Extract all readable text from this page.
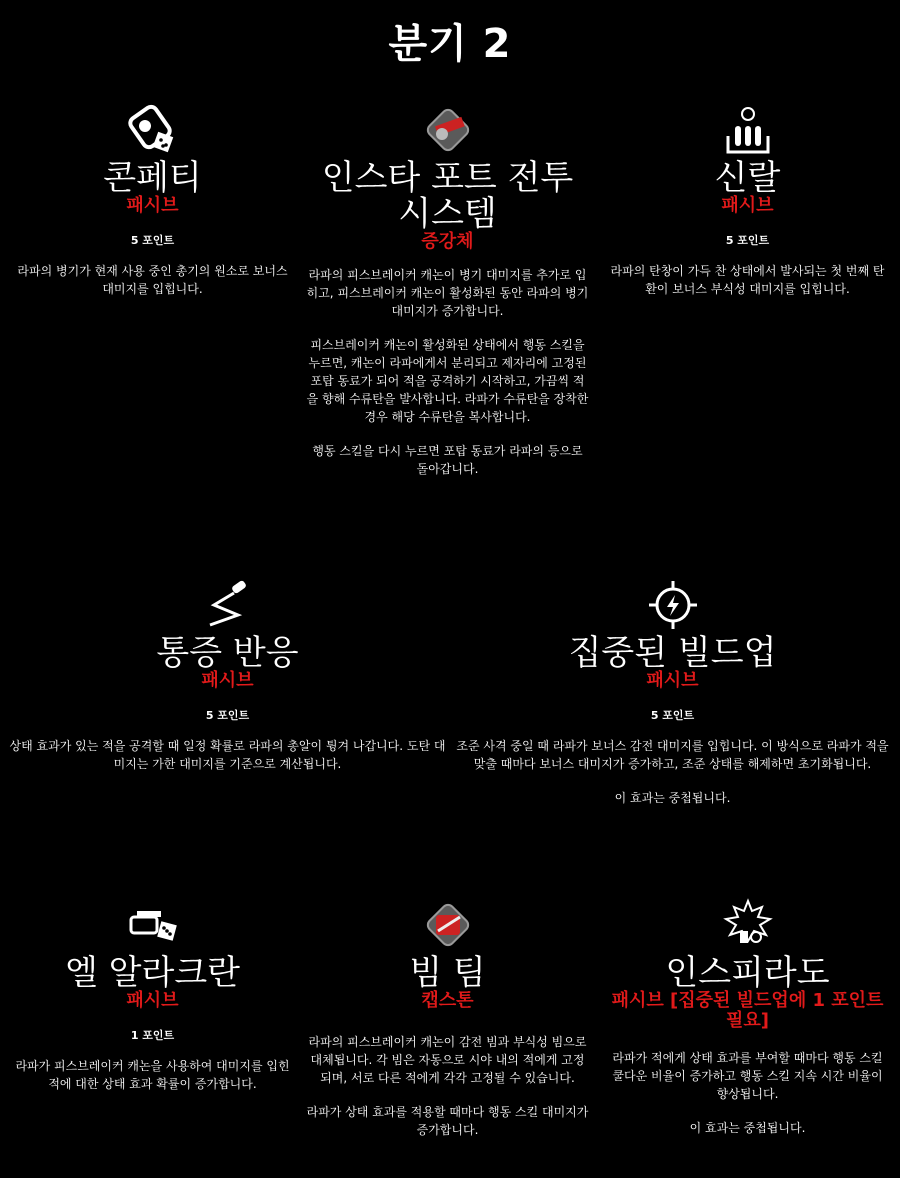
분기 2
콘페티
패시브
5 포인트

라파의 병기가 현재 사용 중인 총기의 원소로 보너스 대미지를 입힙니다.

인스타 포트 전투 시스템
증강체

라파의 피스브레이커 캐논이 병기 대미지를 추가로 입히고, 피스브레이커 캐논이 활성화된 동안 라파의 병기 대미지가 증가합니다.

피스브레이커 캐논이 활성화된 상태에서 행동 스킬을 누르면, 캐논이 라파에게서 분리되고 제자리에 고정된 포탑 동료가 되어 적을 공격하기 시작하고, 가끔씩 적을 향해 수류탄을 발사합니다. 라파가 수류탄을 장착한 경우 해당 수류탄을 복사합니다.

행동 스킬을 다시 누르면 포탑 동료가 라파의 등으로 돌아갑니다.

신랄
패시브
5 포인트

라파의 탄창이 가득 찬 상태에서 발사되는 첫 번째 탄환이 보너스 부식성 대미지를 입힙니다.

통증 반응
패시브
5 포인트

상태 효과가 있는 적을 공격할 때 일정 확률로 라파의 총알이 튕겨 나갑니다. 도탄 대미지는 가한 대미지를 기준으로 계산됩니다.

집중된 빌드업
패시브
5 포인트

조준 사격 중일 때 라파가 보너스 감전 대미지를 입힙니다. 이 방식으로 라파가 적을 맞출 때마다 보너스 대미지가 증가하고, 조준 상태를 해제하면 초기화됩니다.

이 효과는 중첩됩니다.

엘 알라크란
패시브
1 포인트

라파가 피스브레이커 캐논을 사용하여 대미지를 입힌 적에 대한 상태 효과 확률이 증가합니다.

빔 팀
캡스톤

라파의 피스브레이커 캐논이 감전 빔과 부식성 빔으로 대체됩니다. 각 빔은 자동으로 시야 내의 적에게 고정되며, 서로 다른 적에게 각각 고정될 수 있습니다.

라파가 상태 효과를 적용할 때마다 행동 스킬 대미지가 증가합니다.

인스피라도
패시브 [집중된 빌드업에 1 포인트 필요]

라파가 적에게 상태 효과를 부여할 때마다 행동 스킬 쿨다운 비율이 증가하고 행동 스킬 지속 시간 비율이 향상됩니다.

이 효과는 중첩됩니다.
